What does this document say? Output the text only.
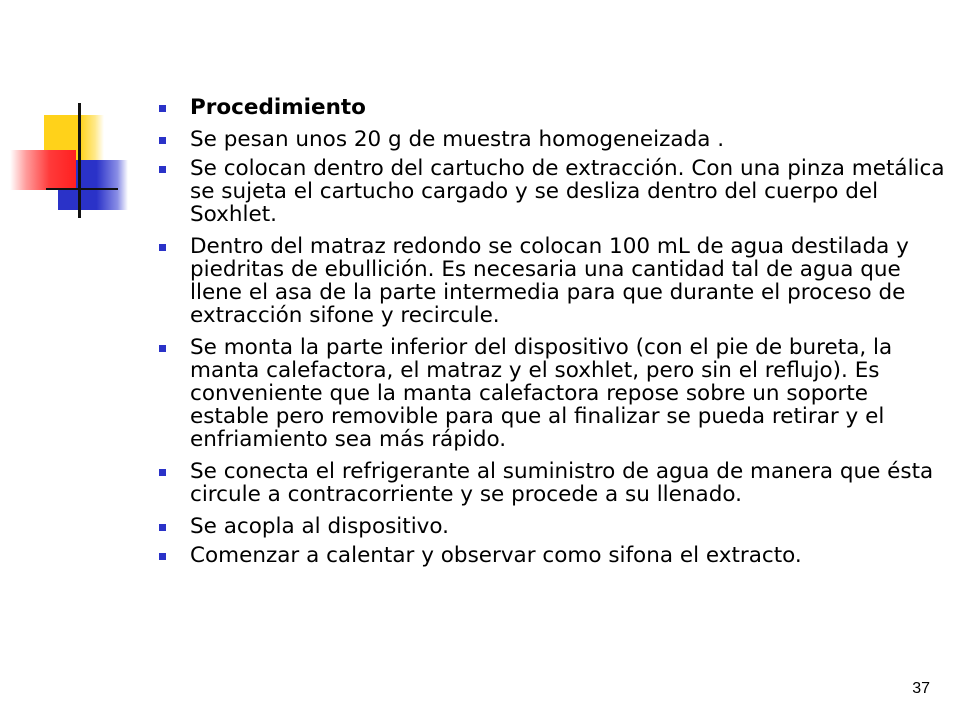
Procedimiento
Se pesan unos 20 g de muestra homogeneizada .
Se colocan dentro del cartucho de extracción. Con una pinza metálica se sujeta el cartucho cargado y se desliza dentro del cuerpo del Soxhlet.
Dentro del matraz redondo se colocan 100 mL de agua destilada y piedritas de ebullición. Es necesaria una cantidad tal de agua que llene el asa de la parte intermedia para que durante el proceso de extracción sifone y recircule.
Se monta la parte inferior del dispositivo (con el pie de bureta, la manta calefactora, el matraz y el soxhlet, pero sin el reflujo). Es conveniente que la manta calefactora repose sobre un soporte estable pero removible para que al finalizar se pueda retirar y el enfriamiento sea más rápido.
Se conecta el refrigerante al suministro de agua de manera que ésta circule a contracorriente y se procede a su llenado.
Se acopla al dispositivo.
Comenzar a calentar y observar como sifona el extracto.
37
